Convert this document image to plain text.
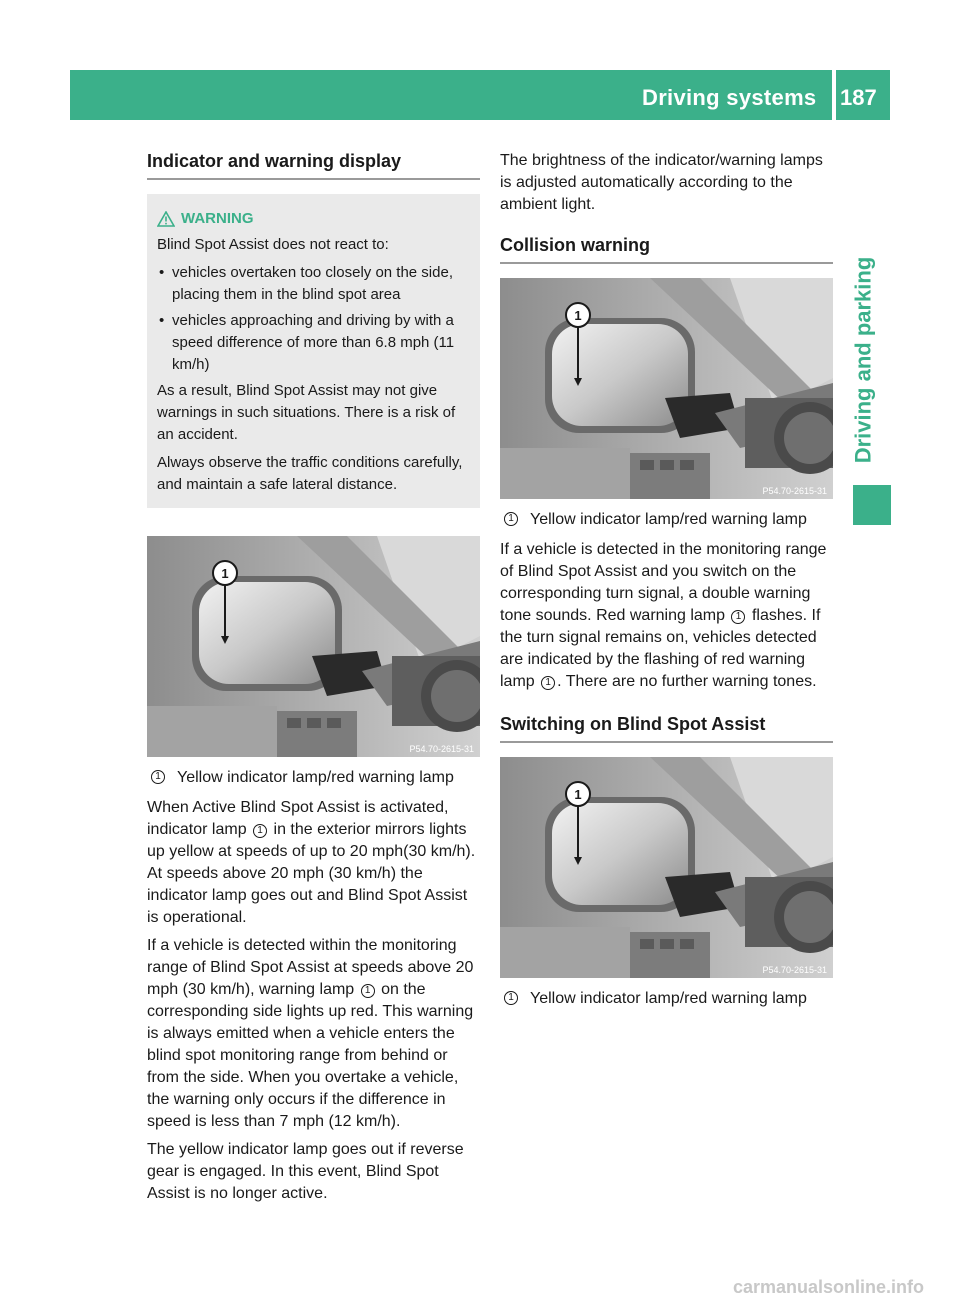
Driving systems 187
Driving and parking
Indicator and warning display
WARNING

Blind Spot Assist does not react to:

• vehicles overtaken too closely on the side, placing them in the blind spot area
• vehicles approaching and driving by with a speed difference of more than 6.8 mph (11 km/h)

As a result, Blind Spot Assist may not give warnings in such situations. There is a risk of an accident.

Always observe the traffic conditions carefully, and maintain a safe lateral distance.

1 Yellow indicator lamp/red warning lamp

When Active Blind Spot Assist is activated, indicator lamp 1 in the exterior mirrors lights up yellow at speeds of up to 20 mph(30 km/h). At speeds above 20 mph (30 km/h) the indicator lamp goes out and Blind Spot Assist is operational.

If a vehicle is detected within the monitoring range of Blind Spot Assist at speeds above 20 mph (30 km/h), warning lamp 1 on the corresponding side lights up red. This warning is always emitted when a vehicle enters the blind spot monitoring range from behind or from the side. When you overtake a vehicle, the warning only occurs if the difference in speed is less than 7 mph (12 km/h).

The yellow indicator lamp goes out if reverse gear is engaged. In this event, Blind Spot Assist is no longer active.

The brightness of the indicator/warning lamps is adjusted automatically according to the ambient light.

Collision warning
1 Yellow indicator lamp/red warning lamp

If a vehicle is detected in the monitoring range of Blind Spot Assist and you switch on the corresponding turn signal, a double warning tone sounds. Red warning lamp 1 flashes. If the turn signal remains on, vehicles detected are indicated by the flashing of red warning lamp 1 . There are no further warning tones.

Switching on Blind Spot Assist
1 Yellow indicator lamp/red warning lamp
carmanualsonline.info
